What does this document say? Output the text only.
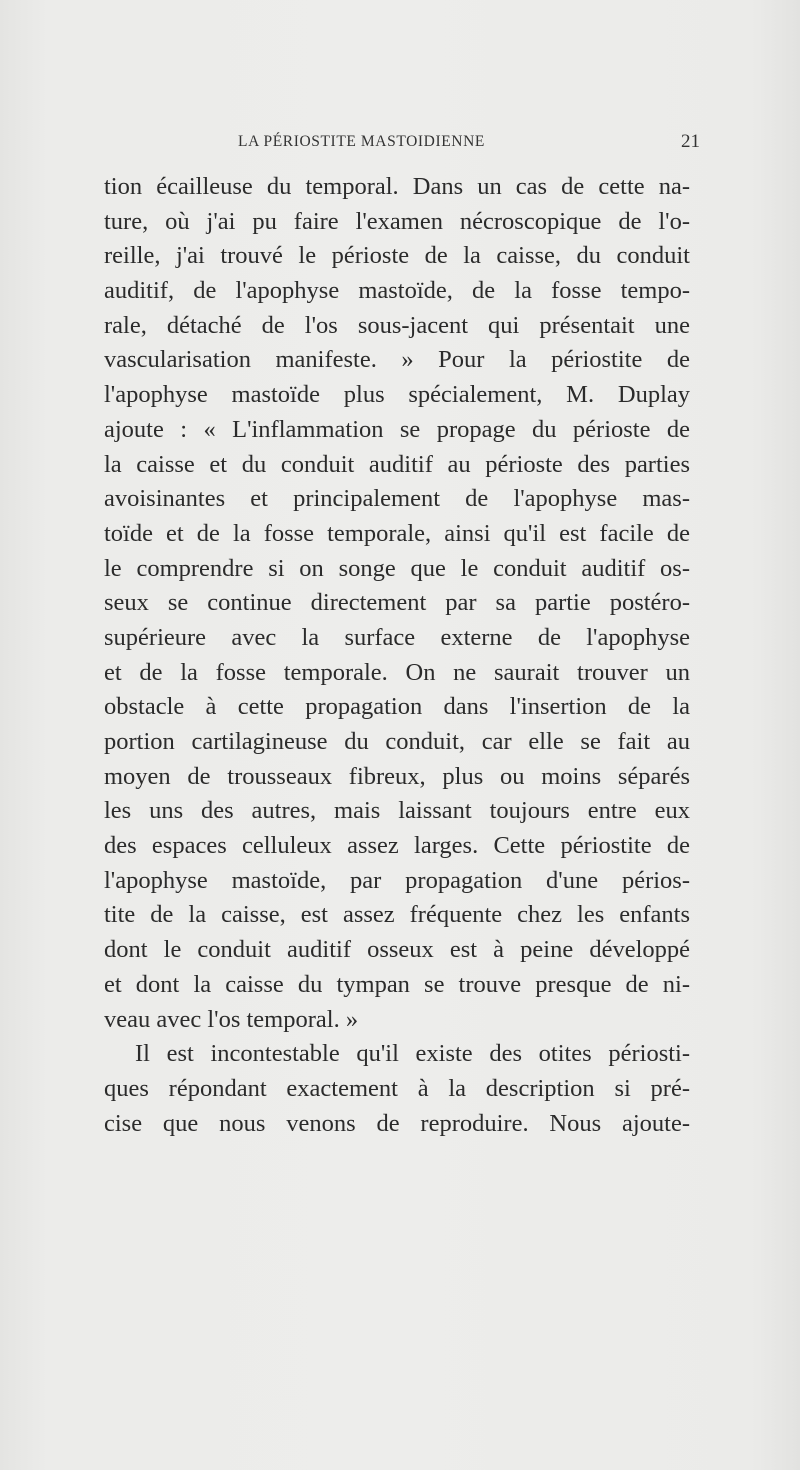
LA PÉRIOSTITE MASTOIDIENNE	21
tion écailleuse du temporal. Dans un cas de cette na-
ture, où j'ai pu faire l'examen nécroscopique de l'o-
reille, j'ai trouvé le périoste de la caisse, du conduit
auditif, de l'apophyse mastoïde, de la fosse tempo-
rale, détaché de l'os sous-jacent qui présentait une
vascularisation manifeste. » Pour la périostite de
l'apophyse mastoïde plus spécialement, M. Duplay
ajoute : « L'inflammation se propage du périoste de
la caisse et du conduit auditif au périoste des parties
avoisinantes et principalement de l'apophyse mas-
toïde et de la fosse temporale, ainsi qu'il est facile de
le comprendre si on songe que le conduit auditif os-
seux se continue directement par sa partie postéro-
supérieure avec la surface externe de l'apophyse
et de la fosse temporale. On ne saurait trouver un
obstacle à cette propagation dans l'insertion de la
portion cartilagineuse du conduit, car elle se fait au
moyen de trousseaux fibreux, plus ou moins séparés
les uns des autres, mais laissant toujours entre eux
des espaces celluleux assez larges. Cette périostite de
l'apophyse mastoïde, par propagation d'une périos-
tite de la caisse, est assez fréquente chez les enfants
dont le conduit auditif osseux est à peine développé
et dont la caisse du tympan se trouve presque de ni-
veau avec l'os temporal. »
Il est incontestable qu'il existe des otites périosti-
ques répondant exactement à la description si pré-
cise que nous venons de reproduire. Nous ajoute-
